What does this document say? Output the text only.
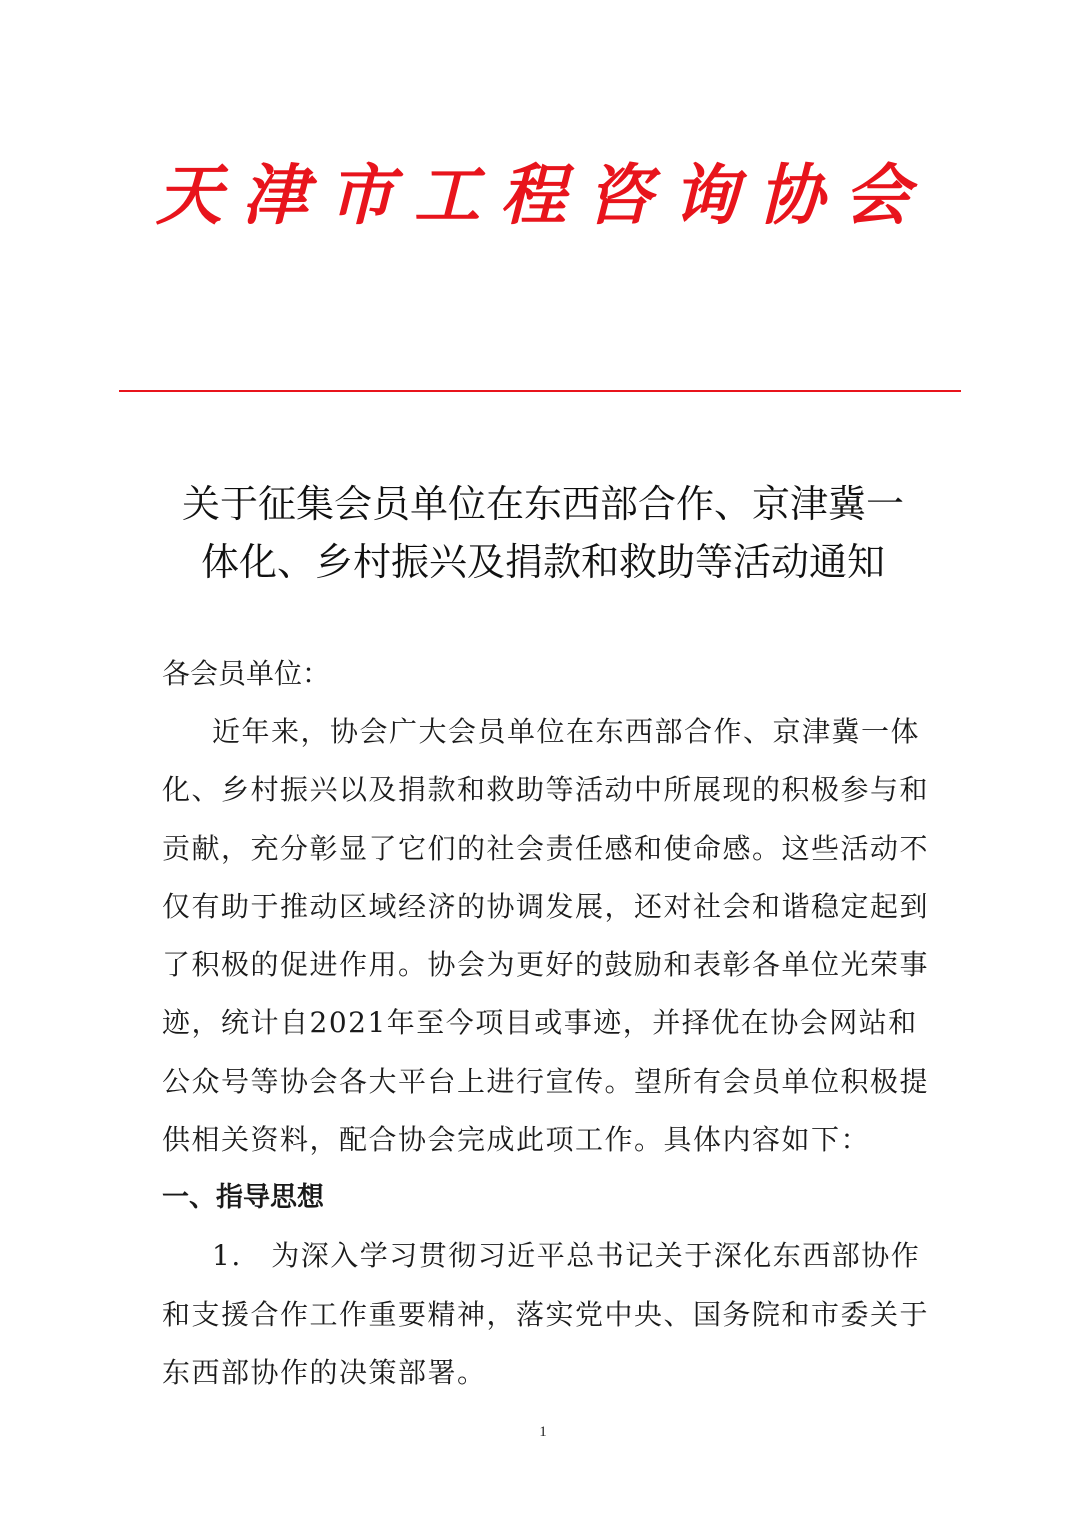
天津市工程咨询协会
关于征集会员单位在东西部合作、京津冀一
体化、乡村振兴及捐款和救助等活动通知
各会员单位：
近年来，协会广大会员单位在东西部合作、京津冀一体
化、乡村振兴以及捐款和救助等活动中所展现的积极参与和
贡献，充分彰显了它们的社会责任感和使命感。这些活动不
仅有助于推动区域经济的协调发展，还对社会和谐稳定起到
了积极的促进作用。协会为更好的鼓励和表彰各单位光荣事
迹，统计自2021年至今项目或事迹，并择优在协会网站和
公众号等协会各大平台上进行宣传。望所有会员单位积极提
供相关资料，配合协会完成此项工作。具体内容如下：
一、指导思想
1.　为深入学习贯彻习近平总书记关于深化东西部协作
和支援合作工作重要精神，落实党中央、国务院和市委关于
东西部协作的决策部署。
1
